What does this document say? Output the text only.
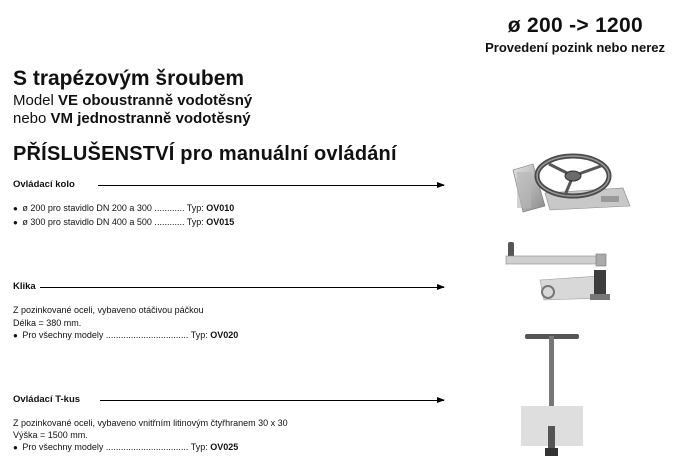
ø 200 -> 1200
Provedení pozink nebo nerez
S trapézovým šroubem
Model VE oboustranně vodotěsný
nebo VM jednostranně vodotěsný
PŘÍSLUŠENSTVÍ pro manuální ovládání
Ovládací kolo
● ø 200 pro stavidlo DN 200 a 300 ............ Typ: OV010
● ø 300 pro stavidlo DN 400 a 500 ............ Typ: OV015
Klika
Z pozinkované oceli, vybaveno otáčivou páčkou
Délka = 380 mm.
● Pro všechny modely ................................. Typ: OV020
Ovládací T-kus
Z pozinkované oceli, vybaveno vnitřním litinovým čtyřhranem 30 x 30
Výška = 1500 mm.
● Pro všechny modely ................................. Typ: OV025
